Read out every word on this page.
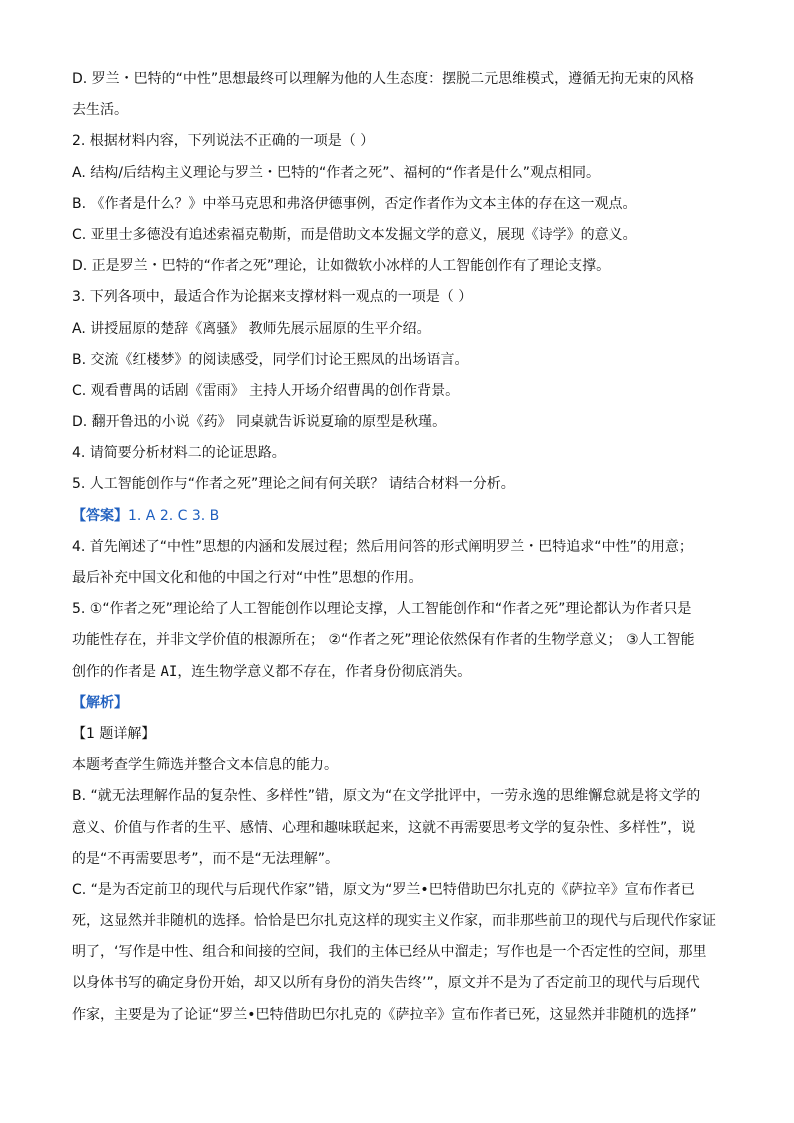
D. 罗兰・巴特的“中性”思想最终可以理解为他的人生态度：摆脱二元思维模式，遵循无拘无束的风格
去生活。
2. 根据材料内容，下列说法不正确的一项是（ ）
A. 结构/后结构主义理论与罗兰・巴特的“作者之死”、福柯的“作者是什么”观点相同。
B. 《作者是什么？》中举马克思和弗洛伊德事例，否定作者作为文本主体的存在这一观点。
C. 亚里士多德没有追述索福克勒斯，而是借助文本发掘文学的意义，展现《诗学》的意义。
D. 正是罗兰・巴特的“作者之死”理论，让如微软小冰样的人工智能创作有了理论支撑。
3. 下列各项中，最适合作为论据来支撑材料一观点的一项是（ ）
A. 讲授屈原的楚辞《离骚》 教师先展示屈原的生平介绍。
B. 交流《红楼梦》的阅读感受，同学们讨论王熙凤的出场语言。
C. 观看曹禺的话剧《雷雨》 主持人开场介绍曹禺的创作背景。
D. 翻开鲁迅的小说《药》 同桌就告诉说夏瑜的原型是秋瑾。
4. 请简要分析材料二的论证思路。
5. 人工智能创作与“作者之死”理论之间有何关联？ 请结合材料一分析。
【答案】1. A 2. C 3. B
4. 首先阐述了“中性”思想的内涵和发展过程；然后用问答的形式阐明罗兰・巴特追求“中性”的用意；
最后补充中国文化和他的中国之行对“中性”思想的作用。
5. ①“作者之死”理论给了人工智能创作以理论支撑，人工智能创作和“作者之死”理论都认为作者只是
功能性存在，并非文学价值的根源所在； ②“作者之死”理论依然保有作者的生物学意义； ③人工智能
创作的作者是 AI，连生物学意义都不存在，作者身份彻底消失。
【解析】
【1 题详解】
本题考查学生筛选并整合文本信息的能力。
B. “就无法理解作品的复杂性、多样性”错，原文为“在文学批评中，一劳永逸的思维懈怠就是将文学的
意义、价值与作者的生平、感情、心理和趣味联起来，这就不再需要思考文学的复杂性、多样性”，说
的是“不再需要思考”，而不是“无法理解”。
C. “是为否定前卫的现代与后现代作家”错，原文为“罗兰•巴特借助巴尔扎克的《萨拉辛》宣布作者已
死，这显然并非随机的选择。恰恰是巴尔扎克这样的现实主义作家，而非那些前卫的现代与后现代作家证
明了，‘写作是中性、组合和间接的空间，我们的主体已经从中溜走；写作也是一个否定性的空间，那里
以身体书写的确定身份开始，却又以所有身份的消失告终’”，原文并不是为了否定前卫的现代与后现代
作家，主要是为了论证“罗兰•巴特借助巴尔扎克的《萨拉辛》宣布作者已死，这显然并非随机的选择”
